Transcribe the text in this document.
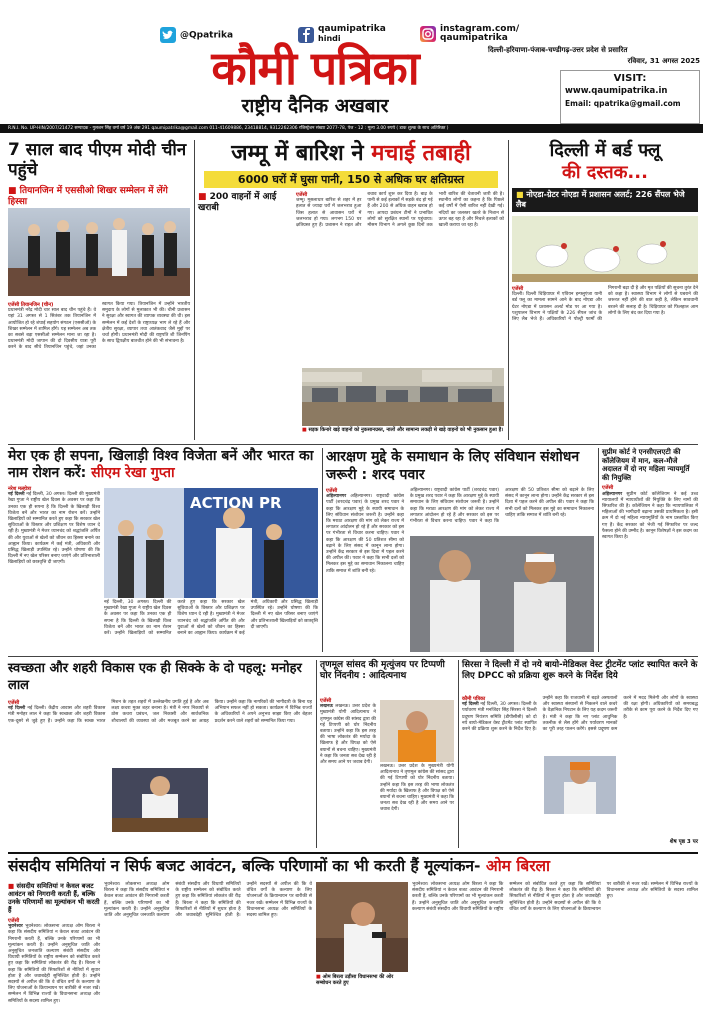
@Qpatrika
qaumipatrika
hindi
instagram.com/
qaumipatrika
कौमी पत्रिका
राष्ट्रीय दैनिक अखबार
दिल्ली-हरियाणा-पंजाब-चण्डीगढ़-उत्तर प्रदेश से प्रसारित
रविवार, 31 अगस्त 2025
VISIT:
www.qaumipatrika.in
Email: qpatrika@gmail.com
R.N.I. No. UP-HIN/2007/21472 सम्पादक - गुलशन सिंह वर्मा वर्ष 19 अंक 291 qaumipatrika@gmail.com 011-41609886, 23418814, 9312262306 रजिस्ट्रेशन संख्या 2077-78, पेज - 12 : मूल्य 3.00 रुपये ( डाक शुल्क के साथ अतिरिक्त )
7 साल बाद पीएम मोदी चीन पहुंचे
■ तियानजिन में एससीओ शिखर सम्मेलन में लेंगे हिस्सा
एजेंसी तियानजिन (चीन)
प्रधानमंत्री नरेंद्र मोदी चार साल बाद चीन पहुंचे हैं। वे यहां 31 अगस्त से 1 सितंबर तक तियानजिन में आयोजित हो रहे शंघाई सहयोग संगठन (एससीओ) के शिखर सम्मेलन में शामिल होंगे। यह सम्मेलन अब तक का सबसे बड़ा एससीओ सम्मेलन माना जा रहा है। प्रधानमंत्री मोदी जापान की दो दिवसीय यात्रा पूरी करने के बाद सीधे तियानजिन पहुंचे, जहां उनका स्वागत किया गया। तियानजिन में उन्होंने भारतीय समुदाय के लोगों से मुलाकात भी की। चीनी प्रशासन ने सुरक्षा और स्वागत की व्यापक व्यवस्था की थी। इस सम्मेलन में कई देशों के राष्ट्राध्यक्ष भाग ले रहे हैं और क्षेत्रीय सुरक्षा, व्यापार तथा आतंकवाद जैसे मुद्दों पर चर्चा होगी। प्रधानमंत्री मोदी की राष्ट्रपति शी जिनपिंग के साथ द्विपक्षीय बातचीत होने की भी संभावना है।
जम्मू में बारिश ने मचाई तबाही
6000 घरों में घुसा पानी, 150 से अधिक घर क्षतिग्रस्त
■ 200 वाहनों में आई खराबी
एजेंसी
जम्मू। मूसलाधार बारिश से शहर में हर हलात से ज्यादा घरों में जलभराव हुआ जिस हलात से आवासन घरों में जलभराव हो गया। लगभग 150 घर क्षतिग्रस्त हुए हैं। प्रशासन ने राहत और बचाव कार्य शुरू कर दिया है। बाढ़ के पानी से कई इलाकों में सड़कें बंद हो गई हैं और 200 से अधिक वाहन खराब हो गए। आपदा प्रबंधन टीमों ने प्रभावित लोगों को सुरक्षित स्थानों पर पहुंचाया। मौसम विभाग ने अगले कुछ दिनों तक भारी बारिश की चेतावनी जारी की है। स्थानीय लोगों का कहना है कि पिछले कई वर्षों में ऐसी बारिश नहीं देखी गई। नदियों का जलस्तर खतरे के निशान से ऊपर बह रहा है और निचले इलाकों को खाली कराया जा रहा है।
■ सड़क किनारे खड़े वाहनों को नुकसानग्रस्त, नालों और सामान्य लकड़ी से खड़े वाहनों को भी नुकसान हुआ है।
दिल्ली में बर्ड फ्लू
की दस्तक...
■ नोएडा-ग्रेटर नोएडा में प्रशासन अलर्ट; 226 सैंपल भेजे लैब
एजेंसी
दिल्ली। दिल्ली चिड़ियाघर में एवियन इन्फ्लुएंजा यानी बर्ड फ्लू का मामला सामने आने के बाद नोएडा और ग्रेटर नोएडा में प्रशासन अलर्ट मोड पर आ गया है। पशुपालन विभाग ने पक्षियों के 226 सैंपल जांच के लिए लैब भेजे हैं। अधिकारियों ने पोल्ट्री फार्मों की निगरानी बढ़ा दी है और मृत पक्षियों की सूचना तुरंत देने को कहा है। स्वास्थ्य विभाग ने लोगों से घबराने की जरूरत नहीं होने की बात कही है, लेकिन सावधानी बरतने की सलाह दी है। चिड़ियाघर को फिलहाल आम लोगों के लिए बंद कर दिया गया है।
मेरा एक ही सपना, खिलाड़ी विश्व विजेता बनें और भारत का नाम रोशन करें: सीएम रेखा गुप्ता
नरेश मल्होत्रा
नई दिल्ली नई दिल्ली, 30 अगस्त। दिल्ली की मुख्यमंत्री रेखा गुप्ता ने राष्ट्रीय खेल दिवस के अवसर पर कहा कि उनका एक ही सपना है कि दिल्ली के खिलाड़ी विश्व विजेता बनें और भारत का नाम रोशन करें। उन्होंने खिलाड़ियों को सम्मानित करते हुए कहा कि सरकार खेल सुविधाओं के विस्तार और प्रशिक्षण पर विशेष ध्यान दे रही है। मुख्यमंत्री ने मेजर ध्यानचंद को श्रद्धांजलि अर्पित की और युवाओं से खेलों को जीवन का हिस्सा बनाने का आह्वान किया। कार्यक्रम में कई मंत्री, अधिकारी और प्रसिद्ध खिलाड़ी उपस्थित रहे। उन्होंने घोषणा की कि दिल्ली में नए खेल परिसर बनाए जाएंगे और प्रतिभाशाली खिलाड़ियों को छात्रवृत्ति दी जाएगी।
ACTION PR
नई दिल्ली, 30 अगस्त। दिल्ली की मुख्यमंत्री रेखा गुप्ता ने राष्ट्रीय खेल दिवस के अवसर पर कहा कि उनका एक ही सपना है कि दिल्ली के खिलाड़ी विश्व विजेता बनें और भारत का नाम रोशन करें। उन्होंने खिलाड़ियों को सम्मानित करते हुए कहा कि सरकार खेल सुविधाओं के विस्तार और प्रशिक्षण पर विशेष ध्यान दे रही है। मुख्यमंत्री ने मेजर ध्यानचंद को श्रद्धांजलि अर्पित की और युवाओं से खेलों को जीवन का हिस्सा बनाने का आह्वान किया। कार्यक्रम में कई मंत्री, अधिकारी और प्रसिद्ध खिलाड़ी उपस्थित रहे। उन्होंने घोषणा की कि दिल्ली में नए खेल परिसर बनाए जाएंगे और प्रतिभाशाली खिलाड़ियों को छात्रवृत्ति दी जाएगी।
आरक्षण मुद्दे के समाधान के लिए संविधान संशोधन जरूरी : शरद पवार
एजेंसी
अहिल्यानगर अहिल्यानगर। राष्ट्रवादी कांग्रेस पार्टी (शरदचंद्र पवार) के प्रमुख शरद पवार ने कहा कि आरक्षण मुद्दे के स्थायी समाधान के लिए संविधान संशोधन जरूरी है। उन्होंने कहा कि मराठा आरक्षण की मांग को लेकर राज्य में लगातार आंदोलन हो रहे हैं और सरकार को इस पर गंभीरता से विचार करना चाहिए। पवार ने कहा कि आरक्षण की 50 प्रतिशत सीमा को बढ़ाने के लिए संसद में कानून लाना होगा। उन्होंने केंद्र सरकार से इस दिशा में पहल करने की अपील की। पवार ने कहा कि सभी दलों को मिलकर इस मुद्दे का समाधान निकालना चाहिए ताकि समाज में शांति बनी रहे।
अहिल्यानगर। राष्ट्रवादी कांग्रेस पार्टी (शरदचंद्र पवार) के प्रमुख शरद पवार ने कहा कि आरक्षण मुद्दे के स्थायी समाधान के लिए संविधान संशोधन जरूरी है। उन्होंने कहा कि मराठा आरक्षण की मांग को लेकर राज्य में लगातार आंदोलन हो रहे हैं और सरकार को इस पर गंभीरता से विचार करना चाहिए। पवार ने कहा कि आरक्षण की 50 प्रतिशत सीमा को बढ़ाने के लिए संसद में कानून लाना होगा। उन्होंने केंद्र सरकार से इस दिशा में पहल करने की अपील की। पवार ने कहा कि सभी दलों को मिलकर इस मुद्दे का समाधान निकालना चाहिए ताकि समाज में शांति बनी रहे।
सुप्रीम कोर्ट ने एनसीएलएटी की कॉलेजियम में मान, कल-मौजे अदालत में दो नए महिला न्यायमूर्ति की नियुक्ति
एजेंसी
अहिल्यानगर सुप्रीम कोर्ट कॉलेजियम ने कई उच्च न्यायालयों में न्यायाधीशों की नियुक्ति के लिए नामों की सिफारिश की है। कॉलेजियम ने कहा कि न्यायपालिका में महिलाओं की भागीदारी बढ़ाना उसकी प्राथमिकता है। इसी क्रम में दो नई महिला न्यायमूर्तियों के नाम प्रस्तावित किए गए हैं। केंद्र सरकार को भेजी गई सिफारिश पर जल्द फैसला होने की उम्मीद है। कानून विशेषज्ञों ने इस कदम का स्वागत किया है।
स्वच्छता और शहरी विकास एक ही सिक्के के दो पहलू: मनोहर लाल
एजेंसी
नई दिल्ली नई दिल्ली। केंद्रीय आवास और शहरी विकास मंत्री मनोहर लाल ने कहा कि स्वच्छता और शहरी विकास एक-दूसरे से जुड़े हुए हैं। उन्होंने कहा कि स्वच्छ भारत मिशन के तहत शहरों में उल्लेखनीय प्रगति हुई है और अब लक्ष्य कचरा मुक्त शहर बनाना है। मंत्री ने नगर निकायों से ठोस कचरा प्रबंधन, जल निकासी और सार्वजनिक शौचालयों की व्यवस्था को और मजबूत करने का आग्रह किया। उन्होंने कहा कि नागरिकों की भागीदारी के बिना यह अभियान सफल नहीं हो सकता। कार्यक्रम में विभिन्न राज्यों के अधिकारियों ने अपने अनुभव साझा किए और बेहतर प्रदर्शन करने वाले शहरों को सम्मानित किया गया।
तृणमूल सांसद की मृत्युंजय पर टिप्पणी घोर निंदनीय : आदित्यनाथ
एजेंसी
लखनऊ लखनऊ। उत्तर प्रदेश के मुख्यमंत्री योगी आदित्यनाथ ने तृणमूल कांग्रेस की सांसद द्वारा की गई टिप्पणी को घोर निंदनीय बताया। उन्होंने कहा कि इस तरह की भाषा लोकतंत्र की मर्यादा के खिलाफ है और विपक्ष को ऐसे बयानों से बचना चाहिए। मुख्यमंत्री ने कहा कि जनता सब देख रही है और समय आने पर जवाब देगी।
लखनऊ। उत्तर प्रदेश के मुख्यमंत्री योगी आदित्यनाथ ने तृणमूल कांग्रेस की सांसद द्वारा की गई टिप्पणी को घोर निंदनीय बताया। उन्होंने कहा कि इस तरह की भाषा लोकतंत्र की मर्यादा के खिलाफ है और विपक्ष को ऐसे बयानों से बचना चाहिए। मुख्यमंत्री ने कहा कि जनता सब देख रही है और समय आने पर जवाब देगी।
सिरसा ने दिल्ली में दो नये बायो-मेडिकल वेस्ट ट्रीटमेंट प्लांट स्थापित करने के लिए DPCC को प्रक्रिया शुरू करने के निर्देश दिये
कौमी पत्रिका
नई दिल्ली नई दिल्ली, 30 अगस्त। दिल्ली के पर्यावरण मंत्री मनजिंदर सिंह सिरसा ने दिल्ली प्रदूषण नियंत्रण समिति (डीपीसीसी) को दो नये बायो-मेडिकल वेस्ट ट्रीटमेंट प्लांट स्थापित करने की प्रक्रिया शुरू करने के निर्देश दिए हैं। उन्होंने कहा कि राजधानी में बढ़ते अस्पतालों और स्वास्थ्य संस्थानों से निकलने वाले कचरे के वैज्ञानिक निपटान के लिए यह कदम जरूरी है। मंत्री ने कहा कि नए प्लांट आधुनिक तकनीक से लैस होंगे और पर्यावरण मानकों का पूरी तरह पालन करेंगे। इससे प्रदूषण कम करने में मदद मिलेगी और लोगों के स्वास्थ्य की रक्षा होगी। अधिकारियों को समयबद्ध तरीके से काम पूरा करने के निर्देश दिए गए हैं।
शेष पृष्ठ 3 पर
संसदीय समितियां न सिर्फ बजट आवंटन, बल्कि परिणामों का भी करती हैं मूल्यांकन- ओम बिरला
■ संसदीय समितियां न केवल बजट आवंटन को निगरानी करती हैं, बल्कि उनके परिणामों का मूल्यांकन भी करती हैं
एजेंसी
भुवनेश्वर भुवनेश्वर। लोकसभा अध्यक्ष ओम बिरला ने कहा कि संसदीय समितियां न केवल बजट आवंटन की निगरानी करती हैं, बल्कि उनके परिणामों का भी मूल्यांकन करती हैं। उन्होंने अनुसूचित जाति और अनुसूचित जनजाति कल्याण संबंधी संसदीय और विधायी समितियों के राष्ट्रीय सम्मेलन को संबोधित करते हुए कहा कि समितियां लोकतंत्र की रीढ़ हैं। बिरला ने कहा कि समितियों की सिफारिशों से नीतियों में सुधार होता है और जवाबदेही सुनिश्चित होती है। उन्होंने सदस्यों से अपील की कि वे वंचित वर्गों के कल्याण के लिए योजनाओं के क्रियान्वयन पर बारीकी से नजर रखें। सम्मेलन में विभिन्न राज्यों के विधानसभा अध्यक्ष और समितियों के सदस्य शामिल हुए।
भुवनेश्वर। लोकसभा अध्यक्ष ओम बिरला ने कहा कि संसदीय समितियां न केवल बजट आवंटन की निगरानी करती हैं, बल्कि उनके परिणामों का भी मूल्यांकन करती हैं। उन्होंने अनुसूचित जाति और अनुसूचित जनजाति कल्याण संबंधी संसदीय और विधायी समितियों के राष्ट्रीय सम्मेलन को संबोधित करते हुए कहा कि समितियां लोकतंत्र की रीढ़ हैं। बिरला ने कहा कि समितियों की सिफारिशों से नीतियों में सुधार होता है और जवाबदेही सुनिश्चित होती है। उन्होंने सदस्यों से अपील की कि वे वंचित वर्गों के कल्याण के लिए योजनाओं के क्रियान्वयन पर बारीकी से नजर रखें। सम्मेलन में विभिन्न राज्यों के विधानसभा अध्यक्ष और समितियों के सदस्य शामिल हुए।
■ ओम बिरला उड़ीसा विधानसभा की ओर सम्बोधन करते हुए
भुवनेश्वर। लोकसभा अध्यक्ष ओम बिरला ने कहा कि संसदीय समितियां न केवल बजट आवंटन की निगरानी करती हैं, बल्कि उनके परिणामों का भी मूल्यांकन करती हैं। उन्होंने अनुसूचित जाति और अनुसूचित जनजाति कल्याण संबंधी संसदीय और विधायी समितियों के राष्ट्रीय सम्मेलन को संबोधित करते हुए कहा कि समितियां लोकतंत्र की रीढ़ हैं। बिरला ने कहा कि समितियों की सिफारिशों से नीतियों में सुधार होता है और जवाबदेही सुनिश्चित होती है। उन्होंने सदस्यों से अपील की कि वे वंचित वर्गों के कल्याण के लिए योजनाओं के क्रियान्वयन पर बारीकी से नजर रखें। सम्मेलन में विभिन्न राज्यों के विधानसभा अध्यक्ष और समितियों के सदस्य शामिल हुए।
